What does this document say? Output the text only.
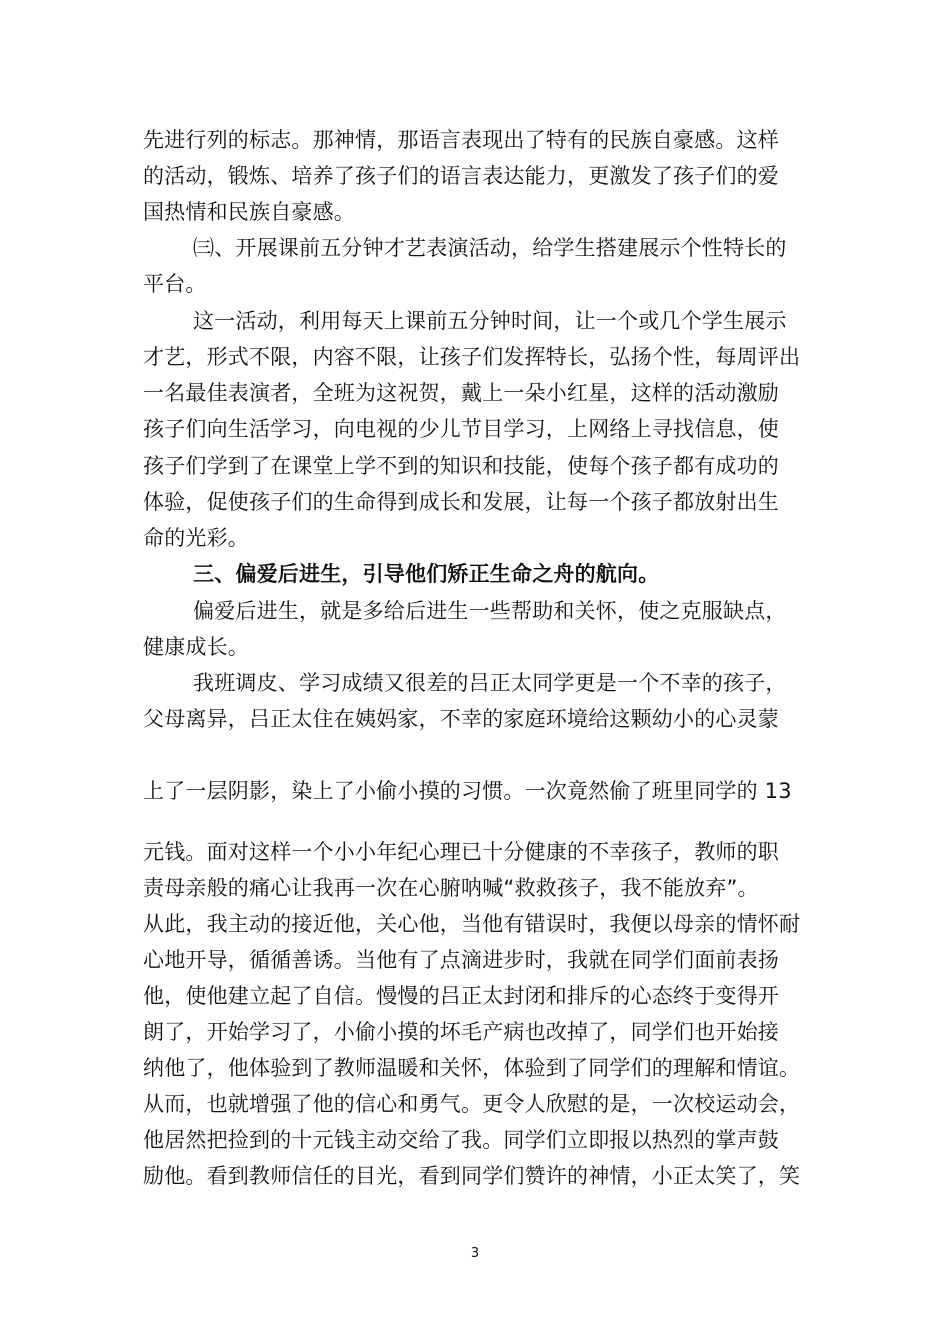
先进行列的标志。那神情，那语言表现出了特有的民族自豪感。这样
的活动，锻炼、培养了孩子们的语言表达能力，更激发了孩子们的爱
国热情和民族自豪感。
㈢、开展课前五分钟才艺表演活动，给学生搭建展示个性特长的
平台。
这一活动，利用每天上课前五分钟时间，让一个或几个学生展示
才艺，形式不限，内容不限，让孩子们发挥特长，弘扬个性，每周评出
一名最佳表演者，全班为这祝贺，戴上一朵小红星，这样的活动激励
孩子们向生活学习，向电视的少儿节目学习，上网络上寻找信息，使
孩子们学到了在课堂上学不到的知识和技能，使每个孩子都有成功的
体验，促使孩子们的生命得到成长和发展，让每一个孩子都放射出生
命的光彩。
三、偏爱后进生，引导他们矫正生命之舟的航向。
偏爱后进生，就是多给后进生一些帮助和关怀，使之克服缺点，
健康成长。
我班调皮、学习成绩又很差的吕正太同学更是一个不幸的孩子，
父母离异，吕正太住在姨妈家，不幸的家庭环境给这颗幼小的心灵蒙
上了一层阴影，染上了小偷小摸的习惯。一次竟然偷了班里同学的 13
元钱。面对这样一个小小年纪心理已十分健康的不幸孩子，教师的职
责母亲般的痛心让我再一次在心腑呐喊“救救孩子，我不能放弃”。
从此，我主动的接近他，关心他，当他有错误时，我便以母亲的情怀耐
心地开导，循循善诱。当他有了点滴进步时，我就在同学们面前表扬
他，使他建立起了自信。慢慢的吕正太封闭和排斥的心态终于变得开
朗了，开始学习了，小偷小摸的坏毛产病也改掉了，同学们也开始接
纳他了，他体验到了教师温暖和关怀，体验到了同学们的理解和情谊。
从而，也就增强了他的信心和勇气。更令人欣慰的是，一次校运动会，
他居然把捡到的十元钱主动交给了我。同学们立即报以热烈的掌声鼓
励他。看到教师信任的目光，看到同学们赞许的神情，小正太笑了，笑
3
